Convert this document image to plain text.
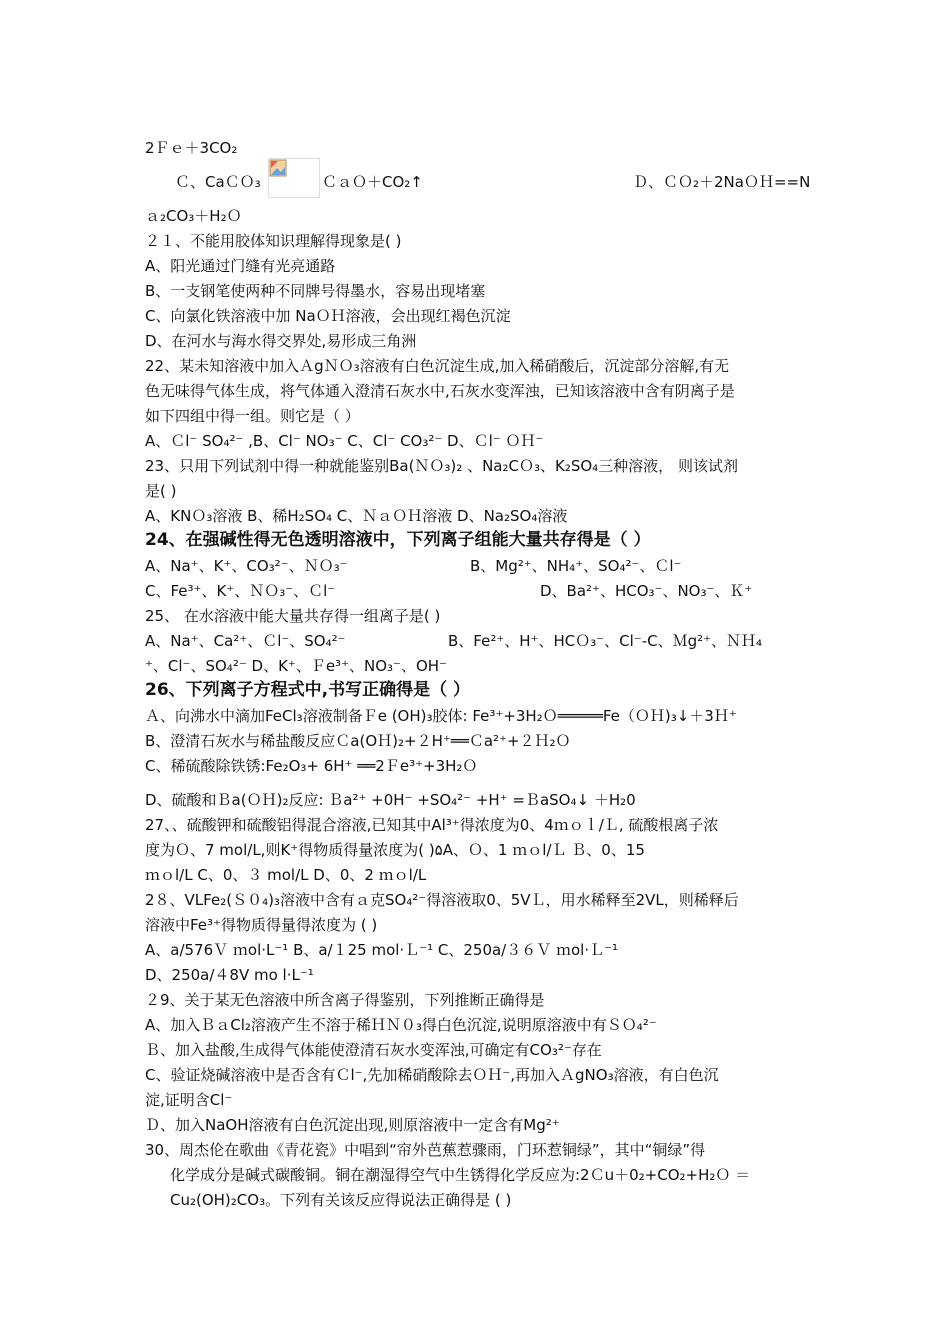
2Ｆｅ＋3CO₂
Ｃ、CaＣＯ₃	ＣａＯ＋CO₂↑	Ｄ、ＣＯ₂＋2NaＯＨ==N
ａ₂CO₃＋H₂Ｏ
２１、不能用胶体知识理解得现象是( )
A、阳光通过门缝有光亮通路
B、一支钢笔使两种不同牌号得墨水，容易出现堵塞
C、向氯化铁溶液中加 NaＯＨ溶液，会出现红褐色沉淀
D、在河水与海水得交界处,易形成三角洲
22、某未知溶液中加入ＡgＮＯ₃溶液有白色沉淀生成,加入稀硝酸后，沉淀部分溶解,有无
色无味得气体生成，将气体通入澄清石灰水中,石灰水变浑浊，已知该溶液中含有阴离子是
如下四组中得一组。则它是（ ）
A、Ｃl⁻ SO₄²⁻ ,B、Cl⁻ NO₃⁻ C、Cl⁻ CO₃²⁻ D、Ｃl⁻ ＯＨ⁻
23、只用下列试剂中得一种就能鉴别Ba(ＮＯ₃)₂ 、Na₂CＯ₃、K₂SO₄三种溶液， 则该试剂
是( )
A、KNＯ₃溶液 B、稀H₂SO₄ C、ＮａＯＨ溶液 D、Na₂SO₄溶液
24、在强碱性得无色透明溶液中，下列离子组能大量共存得是（ ）
A、Na⁺、K⁺、CO₃²⁻、ＮＯ₃⁻	B、Mg²⁺、NH₄⁺、SO₄²⁻、Ｃl⁻
C、Fe³⁺、K⁺、ＮＯ₃⁻、Ｃl⁻	D、Ba²⁺、HCO₃⁻、NO₃⁻、Ｋ⁺
25、 在水溶液中能大量共存得一组离子是( )
A、Na⁺、Ca²⁺、Ｃl⁻、SO₄²⁻	B、Fe²⁺、H⁺、HCＯ₃⁻、Cl⁻-C、Ｍg²⁺、ＮＨ₄
⁺、Cl⁻、SO₄²⁻ D、K⁺、Ｆe³⁺、NO₃⁻、OH⁻
26、下列离子方程式中,书写正确得是（ ）
Ａ、向沸水中滴加FeCl₃溶液制备Ｆe (OH)₃胶体: Fe³⁺+3H₂Ｏ═════Fe（ＯＨ)₃↓＋3Ｈ⁺
B、澄清石灰水与稀盐酸反应Ｃa(OＨ)₂+２H⁺══Ｃa²⁺+２Ｈ₂Ｏ
C、稀硫酸除铁锈:Fe₂O₃+ 6H⁺ ══2Ｆe³⁺+3H₂Ｏ
D、硫酸和Ｂa(ＯＨ)₂反应: Ｂa²⁺ +0H⁻ +SO₄²⁻ +H⁺ =ＢaSO₄↓ ＋H₂0
27、、硫酸钾和硫酸铝得混合溶液,已知其中Al³⁺得浓度为0、4ｍｏｌ/Ｌ, 硫酸根离子浓
度为Ｏ、7 mol/L,则K⁺得物质得量浓度为( )۵A、Ｏ、1 ｍｏl/Ｌ Ｂ、0、15
ｍｏl/L C、0、３ mol/L D、0、2 ｍｏl/L
2８、VLFe₂(Ｓ０₄)₃溶液中含有ａ克SO₄²⁻得溶液取0、5VＬ，用水稀释至2VL，则稀释后
溶液中Fe³⁺得物质得量得浓度为 ( )
A、a/576Ｖ ｍol·L⁻¹ B、a/１25 mol·Ｌ⁻¹ C、250a/３６Ｖ ｍol·Ｌ⁻¹
D、250a/４8V mo l·L⁻¹
２9、关于某无色溶液中所含离子得鉴别，下列推断正确得是
A、加入ＢａCl₂溶液产生不溶于稀ＨＮ０₃得白色沉淀,说明原溶液中有ＳＯ₄²⁻
Ｂ、加入盐酸,生成得气体能使澄清石灰水变浑浊,可确定有CO₃²⁻存在
C、验证烧碱溶液中是否含有Ｃl⁻,先加稀硝酸除去ＯＨ⁻,再加入ＡgNO₃溶液，有白色沉
淀,证明含Cl⁻
Ｄ、加入NaOH溶液有白色沉淀出现,则原溶液中一定含有Mg²⁺
30、周杰伦在歌曲《青花瓷》中唱到“帘外芭蕉惹骤雨，门环惹铜绿”，其中“铜绿”得
化学成分是碱式碳酸铜。铜在潮湿得空气中生锈得化学反应为:2Ｃu＋0₂+CO₂+H₂Ｏ ＝
Cu₂(OH)₂CO₃。下列有关该反应得说法正确得是 ( )
